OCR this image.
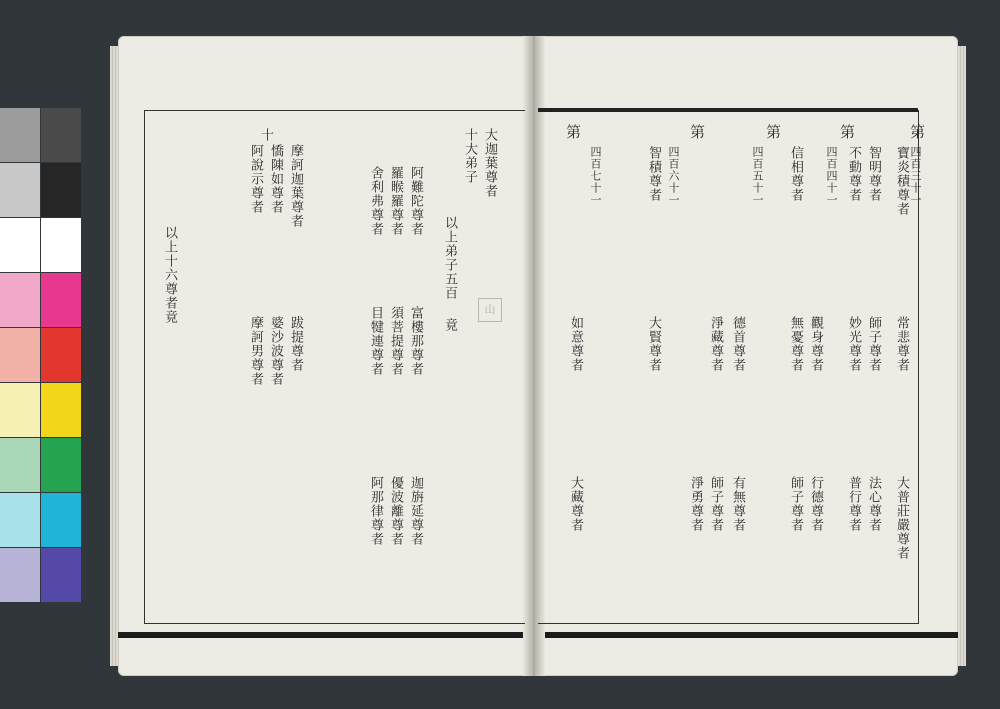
十	大迦葉尊者
十大弟子
以上弟子五百
竟
阿難陀尊者
羅睺羅尊者
舍利弗尊者
富樓那尊者
須菩提尊者
目犍連尊者
迦旃延尊者
優波離尊者
阿那律尊者
摩訶迦葉尊者
憍陳如尊者
阿說示尊者
跋提尊者
婆沙波尊者
摩訶男尊者
以上十六尊者竟	山
第
第
第
第
第
四百三十一
寶炎積尊者
常悲尊者
大普莊嚴尊者
智明尊者
師子尊者
法心尊者
不動尊者
妙光尊者
普行尊者
四百四十一
觀身尊者
行德尊者
信相尊者
無憂尊者
師子尊者
四百五十一
德首尊者
有無尊者
淨藏尊者
師子尊者
淨勇尊者
四百六十一
智積尊者
大賢尊者
四百七十一
如意尊者
大藏尊者
